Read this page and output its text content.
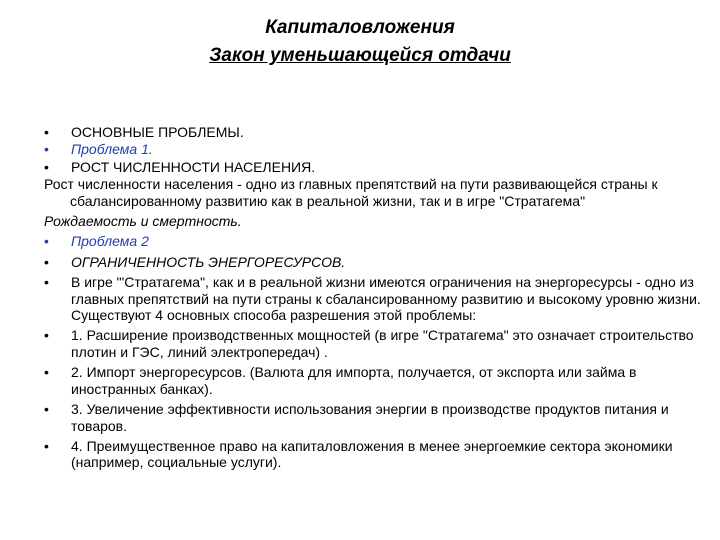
Капиталовложения
Закон уменьшающейся отдачи
•	ОСНОВНЫЕ ПРОБЛЕМЫ.
•	Проблема 1.
•	РОСТ ЧИСЛЕННОСТИ НАСЕЛЕНИЯ.
Рост численности населения - одно из главных препятствий на пути развивающейся страны к сбалансированному развитию как в реальной жизни, так и в игре "Стратагема"
Рождаемость и смертность.
•	Проблема 2
•	ОГРАНИЧЕННОСТЬ ЭНЕРГОРЕСУРСОВ.
•	В игре "'Стратагема", как и в реальной жизни имеются ограничения на энергоресурсы - одно из главных препятствий на пути страны к сбалансированному развитию и высокому уровню жизни. Существуют 4 основных способа разрешения этой проблемы:
•	1. Расширение производственных мощностей (в игре "Стратагема" это означает строительство плотин и ГЭС, линий электропередач) .
•	2. Импорт энергоресурсов. (Валюта для импорта, получается, от экспорта или займа в иностранных банках).
•	3. Увеличение эффективности использования энергии в производстве продуктов питания и товаров.
•	4. Преимущественное право на капиталовложения в менее энергоемкие сектора экономики (например, социальные услуги).
